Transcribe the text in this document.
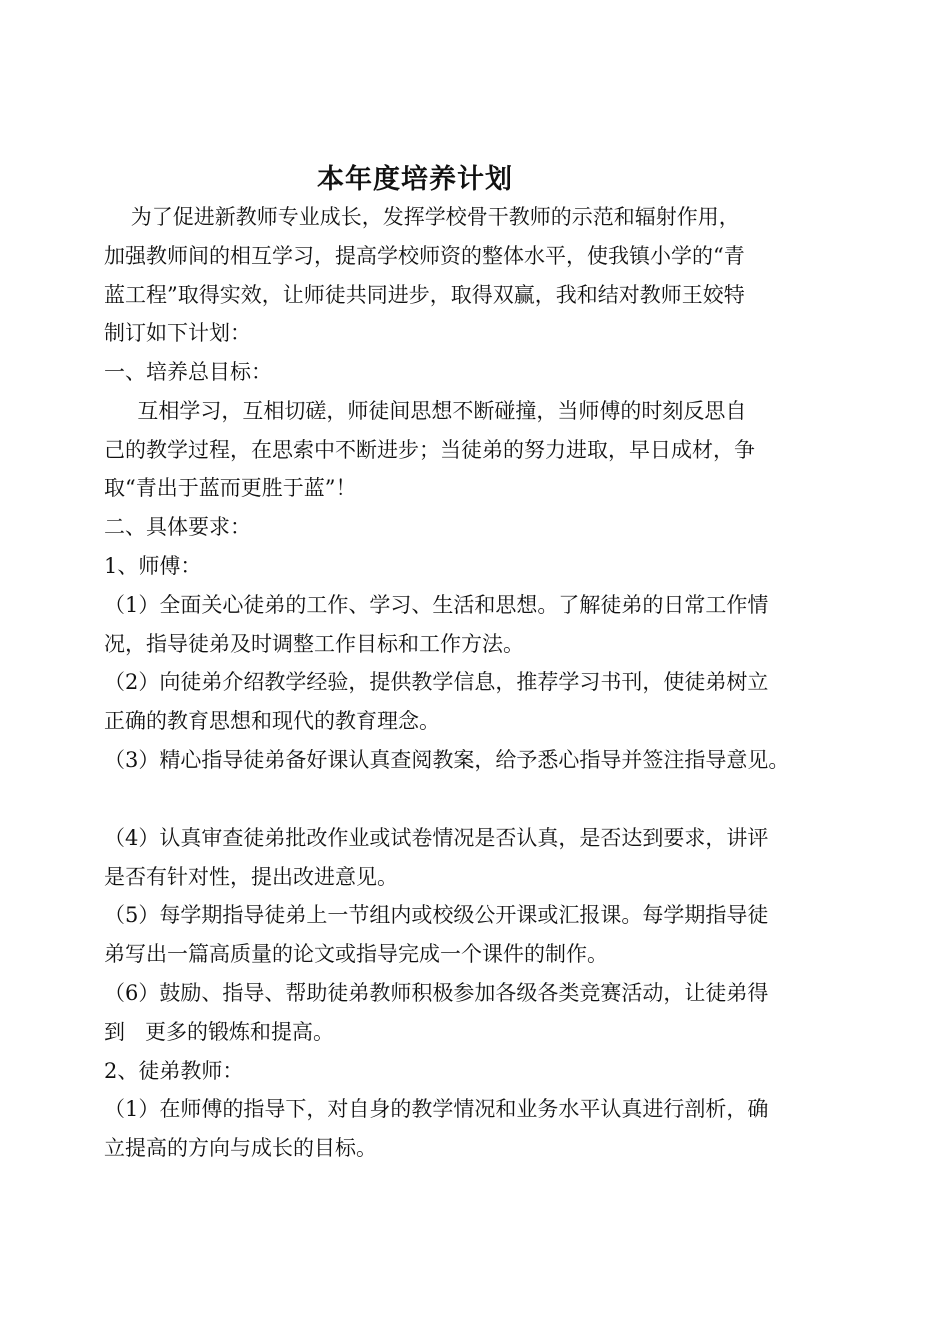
本年度培养计划

为了促进新教师专业成长，发挥学校骨干教师的示范和辐射作用，

加强教师间的相互学习，提高学校师资的整体水平，使我镇小学的“青

蓝工程”取得实效，让师徒共同进步，取得双赢，我和结对教师王姣特

制订如下计划：

一、培养总目标：

互相学习，互相切磋，师徒间思想不断碰撞，当师傅的时刻反思自

己的教学过程，在思索中不断进步；当徒弟的努力进取，早日成材，争

取“青出于蓝而更胜于蓝”！

二、具体要求：

1、师傅：

（1）全面关心徒弟的工作、学习、生活和思想。了解徒弟的日常工作情

况，指导徒弟及时调整工作目标和工作方法。

（2）向徒弟介绍教学经验，提供教学信息，推荐学习书刊，使徒弟树立

正确的教育思想和现代的教育理念。

（3）精心指导徒弟备好课认真查阅教案，给予悉心指导并签注指导意见。

（4）认真审查徒弟批改作业或试卷情况是否认真，是否达到要求，讲评

是否有针对性，提出改进意见。

（5）每学期指导徒弟上一节组内或校级公开课或汇报课。每学期指导徒

弟写出一篇高质量的论文或指导完成一个课件的制作。

（6）鼓励、指导、帮助徒弟教师积极参加各级各类竞赛活动，让徒弟得

到   更多的锻炼和提高。

2、徒弟教师：

（1）在师傅的指导下，对自身的教学情况和业务水平认真进行剖析，确

立提高的方向与成长的目标。
